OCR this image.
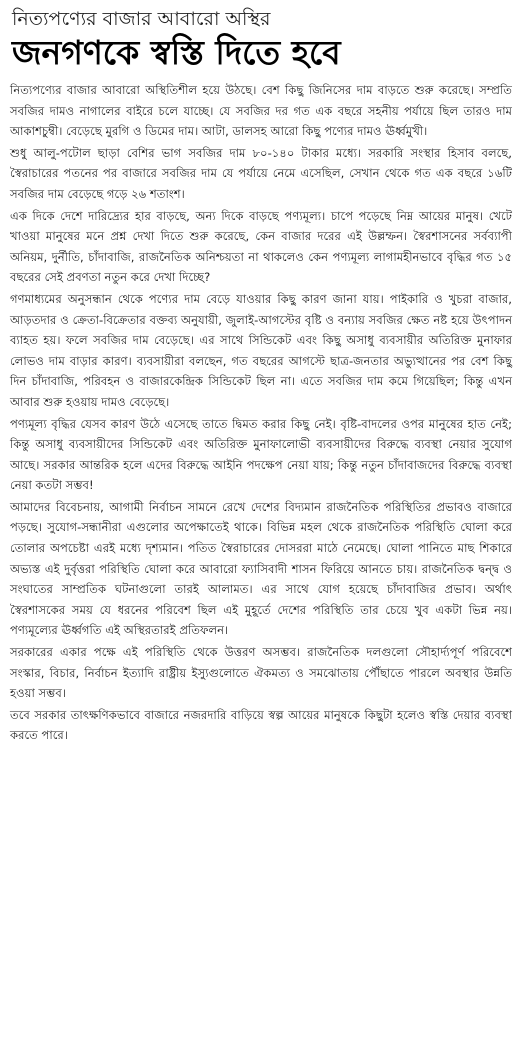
নিত্যপণ্যের বাজার আবারো অস্থির
জনগণকে স্বস্তি দিতে হবে

নিত্যপণ্যের বাজার আবারো অস্থিতিশীল হয়ে উঠছে। বেশ কিছু জিনিসের দাম বাড়তে শুরু করেছে। সম্প্রতি সবজির দামও নাগালের বাইরে চলে যাচ্ছে। যে সবজির দর গত এক বছরে সহনীয় পর্যায়ে ছিল তারও দাম আকাশচুম্বী। বেড়েছে মুরগি ও ডিমের দাম। আটা, ডালসহ আরো কিছু পণ্যের দামও ঊর্ধ্বমুখী।

শুধু আলু-পটোল ছাড়া বেশির ভাগ সবজির দাম ৮০-১৪০ টাকার মধ্যে। সরকারি সংস্থার হিসাব বলছে, স্বৈরাচারের পতনের পর বাজারে সবজির দাম যে পর্যায়ে নেমে এসেছিল, সেখান থেকে গত এক বছরে ১৬টি সবজির দাম বেড়েছে গড়ে ২৬ শতাংশ।

এক দিকে দেশে দারিদ্র্যের হার বাড়ছে, অন্য দিকে বাড়ছে পণ্যমূল্য। চাপে পড়েছে নিম্ন আয়ের মানুষ। খেটে খাওয়া মানুষের মনে প্রশ্ন দেখা দিতে শুরু করেছে, কেন বাজার দরের এই উল্লম্ফন। স্বৈরশাসনের সর্বব্যাপী অনিয়ম, দুর্নীতি, চাঁদাবাজি, রাজনৈতিক অনিশ্চয়তা না থাকলেও কেন পণ্যমূল্য লাগামহীনভাবে বৃদ্ধির গত ১৫ বছরের সেই প্রবণতা নতুন করে দেখা দিচ্ছে?

গণমাধ্যমের অনুসন্ধান থেকে পণ্যের দাম বেড়ে যাওয়ার কিছু কারণ জানা যায়। পাইকারি ও খুচরা বাজার, আড়তদার ও ক্রেতা-বিক্রেতার বক্তব্য অনুযায়ী, জুলাই-আগস্টের বৃষ্টি ও বন্যায় সবজির ক্ষেত নষ্ট হয়ে উৎপাদন ব্যাহত হয়। ফলে সবজির দাম বেড়েছে। এর সাথে সিন্ডিকেট এবং কিছু অসাধু ব্যবসায়ীর অতিরিক্ত মুনাফার লোভও দাম বাড়ার কারণ। ব্যবসায়ীরা বলছেন, গত বছরের আগস্টে ছাত্র-জনতার অভ্যুত্থানের পর বেশ কিছু দিন চাঁদাবাজি, পরিবহন ও বাজারকেন্দ্রিক সিন্ডিকেট ছিল না। এতে সবজির দাম কমে গিয়েছিল; কিন্তু এখন আবার শুরু হওয়ায় দামও বেড়েছে।

পণ্যমূল্য বৃদ্ধির যেসব কারণ উঠে এসেছে তাতে দ্বিমত করার কিছু নেই। বৃষ্টি-বাদলের ওপর মানুষের হাত নেই; কিন্তু অসাধু ব্যবসায়ীদের সিন্ডিকেট এবং অতিরিক্ত মুনাফালোভী ব্যবসায়ীদের বিরুদ্ধে ব্যবস্থা নেয়ার সুযোগ আছে। সরকার আন্তরিক হলে এদের বিরুদ্ধে আইনি পদক্ষেপ নেয়া যায়; কিন্তু নতুন চাঁদাবাজদের বিরুদ্ধে ব্যবস্থা নেয়া কতটা সম্ভব!

আমাদের বিবেচনায়, আগামী নির্বাচন সামনে রেখে দেশের বিদ্যমান রাজনৈতিক পরিস্থিতির প্রভাবও বাজারে পড়ছে। সুযোগ-সন্ধানীরা এগুলোর অপেক্ষাতেই থাকে। বিভিন্ন মহল থেকে রাজনৈতিক পরিস্থিতি ঘোলা করে তোলার অপচেষ্টা এরই মধ্যে দৃশ্যমান। পতিত স্বৈরাচারের দোসররা মাঠে নেমেছে। ঘোলা পানিতে মাছ শিকারে অভ্যস্ত এই দুর্বৃত্তরা পরিস্থিতি ঘোলা করে আবারো ফ্যাসিবাদী শাসন ফিরিয়ে আনতে চায়। রাজনৈতিক দ্বন্দ্ব ও সংঘাতের সাম্প্রতিক ঘটনাগুলো তারই আলামত। এর সাথে যোগ হয়েছে চাঁদাবাজির প্রভাব। অর্থাৎ স্বৈরশাসকের সময় যে ধরনের পরিবেশ ছিল এই মুহূর্তে দেশের পরিস্থিতি তার চেয়ে খুব একটা ভিন্ন নয়। পণ্যমূল্যের ঊর্ধ্বগতি এই অস্থিরতারই প্রতিফলন।

সরকারের একার পক্ষে এই পরিস্থিতি থেকে উত্তরণ অসম্ভব। রাজনৈতিক দলগুলো সৌহার্দ্যপূর্ণ পরিবেশে সংস্কার, বিচার, নির্বাচন ইত্যাদি রাষ্ট্রীয় ইস্যুগুলোতে ঐকমত্য ও সমঝোতায় পৌঁছাতে পারলে অবস্থার উন্নতি হওয়া সম্ভব।

তবে সরকার তাৎক্ষণিকভাবে বাজারে নজরদারি বাড়িয়ে স্বল্প আয়ের মানুষকে কিছুটা হলেও স্বস্তি দেয়ার ব্যবস্থা করতে পারে।
